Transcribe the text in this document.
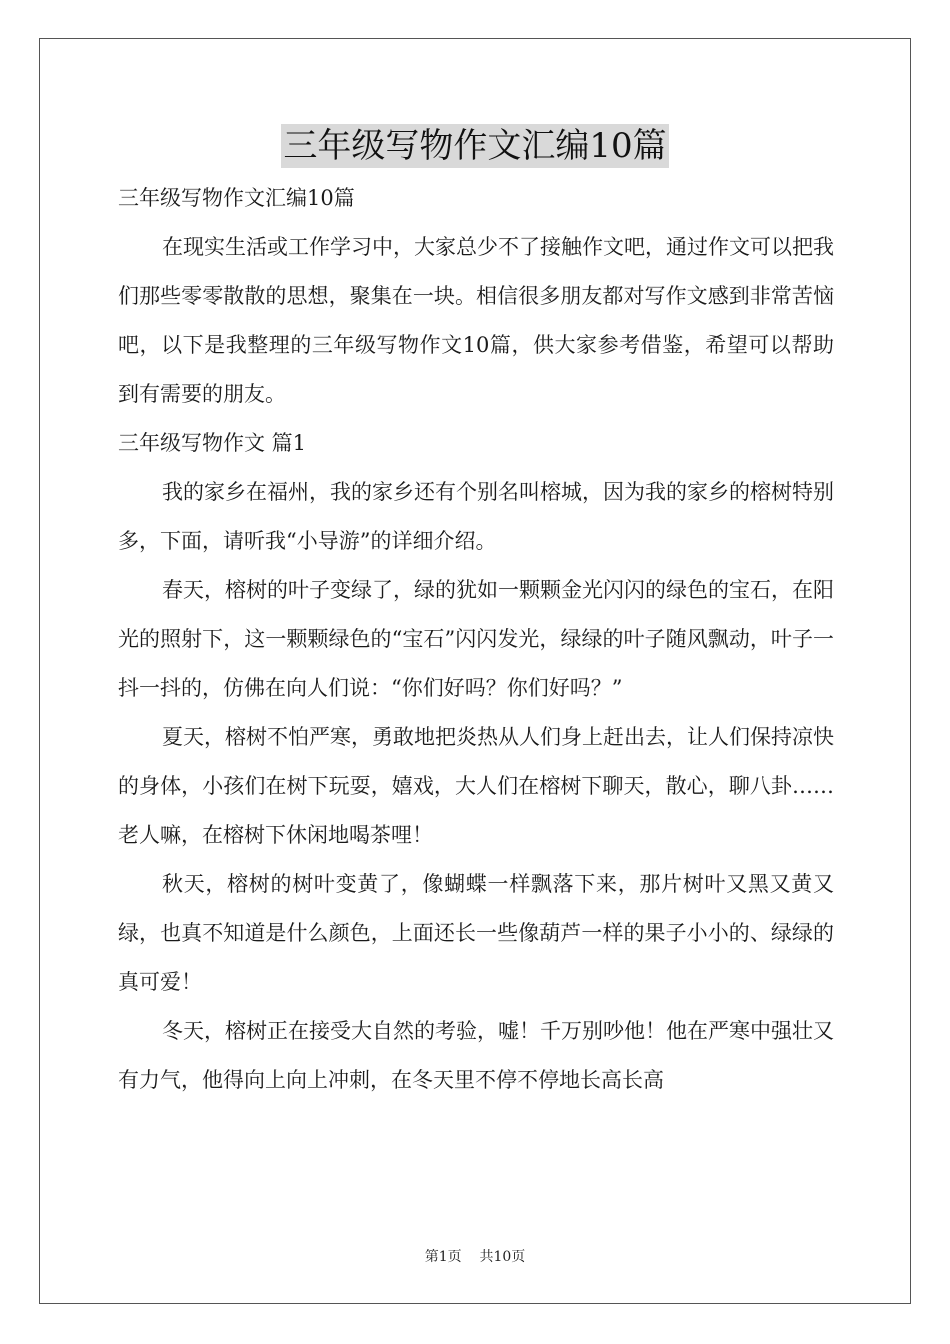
三年级写物作文汇编10篇

三年级写物作文汇编10篇

在现实生活或工作学习中，大家总少不了接触作文吧，通过作文可以把我们那些零零散散的思想，聚集在一块。相信很多朋友都对写作文感到非常苦恼吧，以下是我整理的三年级写物作文10篇，供大家参考借鉴，希望可以帮助到有需要的朋友。

三年级写物作文 篇1

我的家乡在福州，我的家乡还有个别名叫榕城，因为我的家乡的榕树特别多，下面，请听我“小导游”的详细介绍。

春天，榕树的叶子变绿了，绿的犹如一颗颗金光闪闪的绿色的宝石，在阳光的照射下，这一颗颗绿色的“宝石”闪闪发光，绿绿的叶子随风飘动，叶子一抖一抖的，仿佛在向人们说：“你们好吗？你们好吗？”

夏天，榕树不怕严寒，勇敢地把炎热从人们身上赶出去，让人们保持凉快的身体，小孩们在树下玩耍，嬉戏，大人们在榕树下聊天，散心，聊八卦……老人嘛，在榕树下休闲地喝茶哩！

秋天，榕树的树叶变黄了，像蝴蝶一样飘落下来，那片树叶又黑又黄又绿，也真不知道是什么颜色，上面还长一些像葫芦一样的果子小小的、绿绿的真可爱！

冬天，榕树正在接受大自然的考验，嘘！千万别吵他！他在严寒中强壮又有力气，他得向上向上冲刺，在冬天里不停不停地长高长高

第1页 共10页
